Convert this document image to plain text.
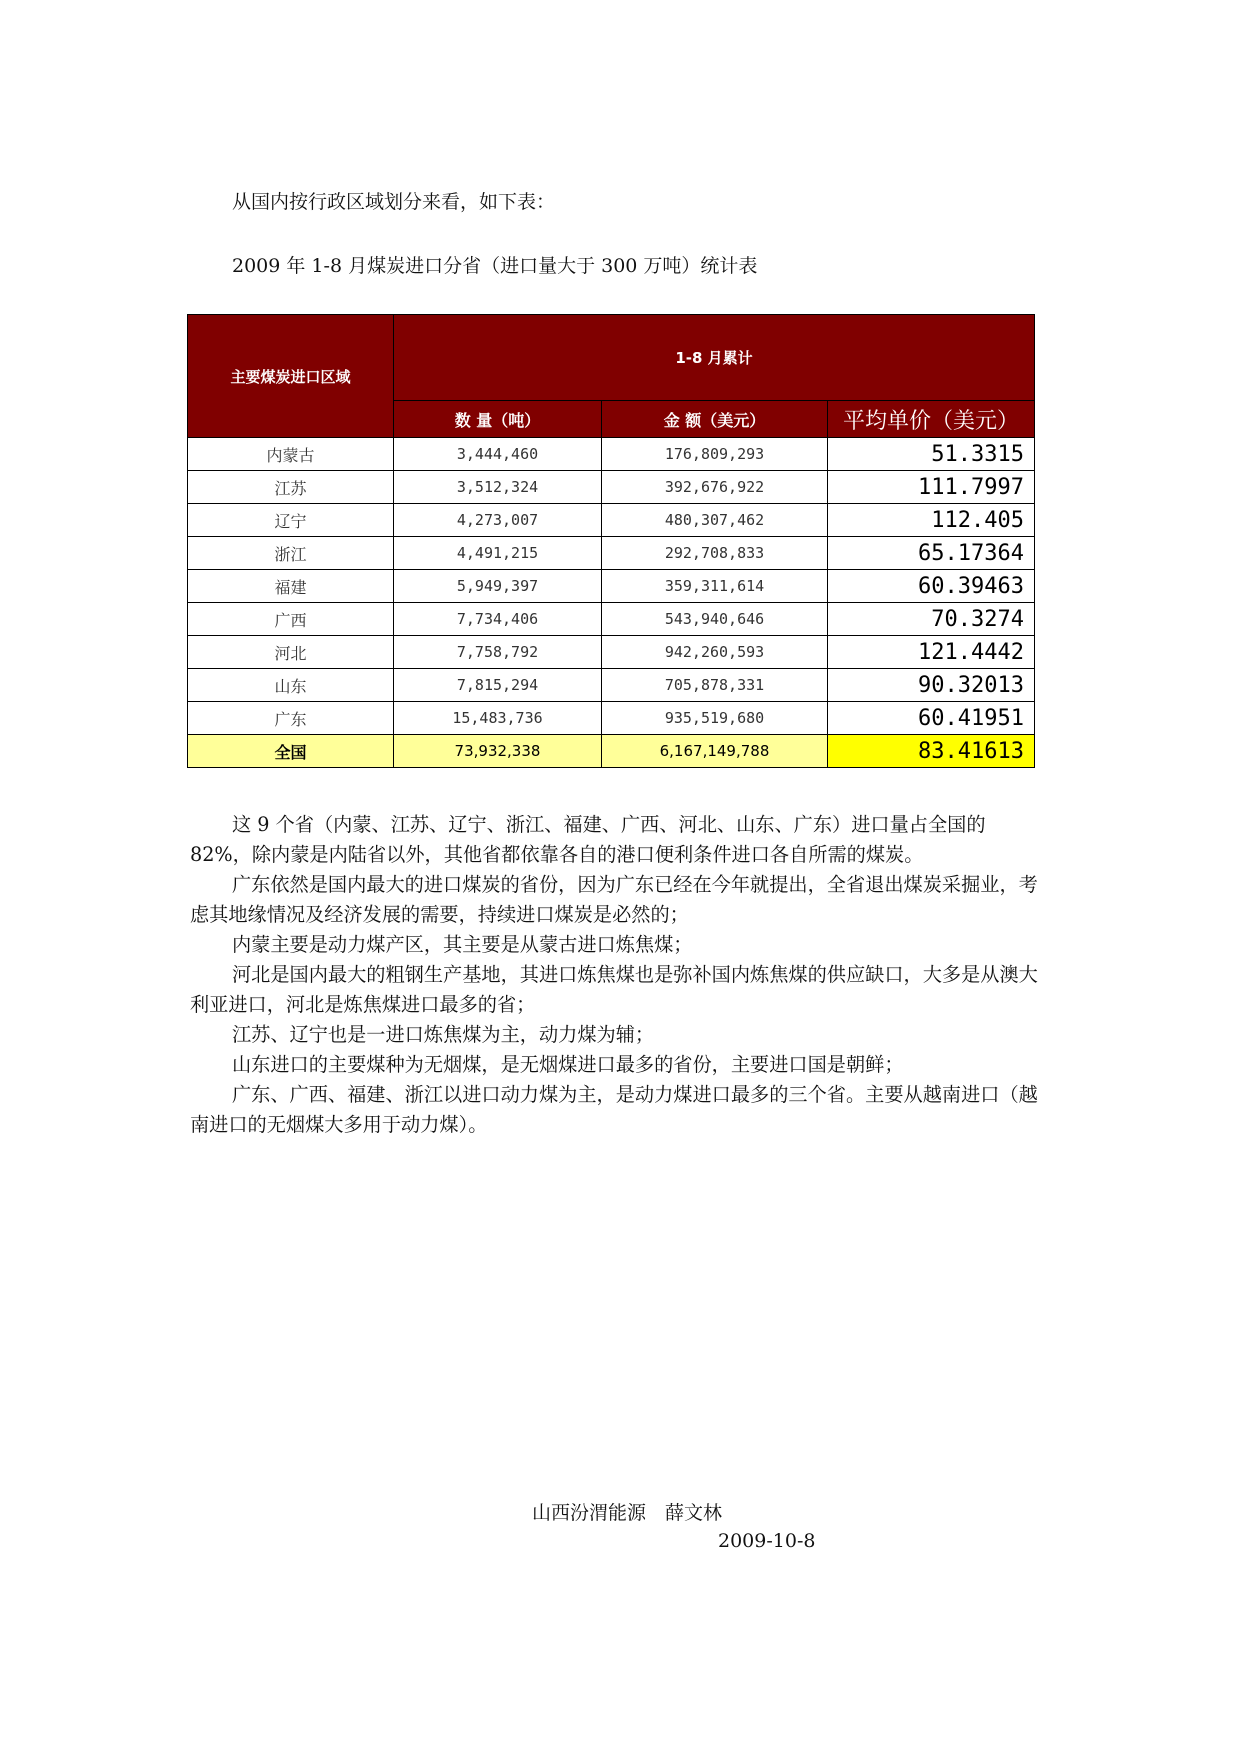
从国内按行政区域划分来看，如下表：

2009 年 1-8 月煤炭进口分省（进口量大于 300 万吨）统计表

主要煤炭进口区域	1-8 月累计		
	数 量（吨）	金 额（美元）	平均单价（美元）
内蒙古	3,444,460	176,809,293	51.3315
江苏	3,512,324	392,676,922	111.7997
辽宁	4,273,007	480,307,462	112.405
浙江	4,491,215	292,708,833	65.17364
福建	5,949,397	359,311,614	60.39463
广西	7,734,406	543,940,646	70.3274
河北	7,758,792	942,260,593	121.4442
山东	7,815,294	705,878,331	90.32013
广东	15,483,736	935,519,680	60.41951
全国	73,932,338	6,167,149,788	83.41613

这 9 个省（内蒙、江苏、辽宁、浙江、福建、广西、河北、山东、广东）进口量占全国的 82%，除内蒙是内陆省以外，其他省都依靠各自的港口便利条件进口各自所需的煤炭。

广东依然是国内最大的进口煤炭的省份，因为广东已经在今年就提出，全省退出煤炭采掘业，考虑其地缘情况及经济发展的需要，持续进口煤炭是必然的；

内蒙主要是动力煤产区，其主要是从蒙古进口炼焦煤；

河北是国内最大的粗钢生产基地，其进口炼焦煤也是弥补国内炼焦煤的供应缺口，大多是从澳大利亚进口，河北是炼焦煤进口最多的省；

江苏、辽宁也是一进口炼焦煤为主，动力煤为辅；

山东进口的主要煤种为无烟煤，是无烟煤进口最多的省份，主要进口国是朝鲜；

广东、广西、福建、浙江以进口动力煤为主，是动力煤进口最多的三个省。主要从越南进口（越南进口的无烟煤大多用于动力煤）。

山西汾渭能源　薛文林

2009-10-8
